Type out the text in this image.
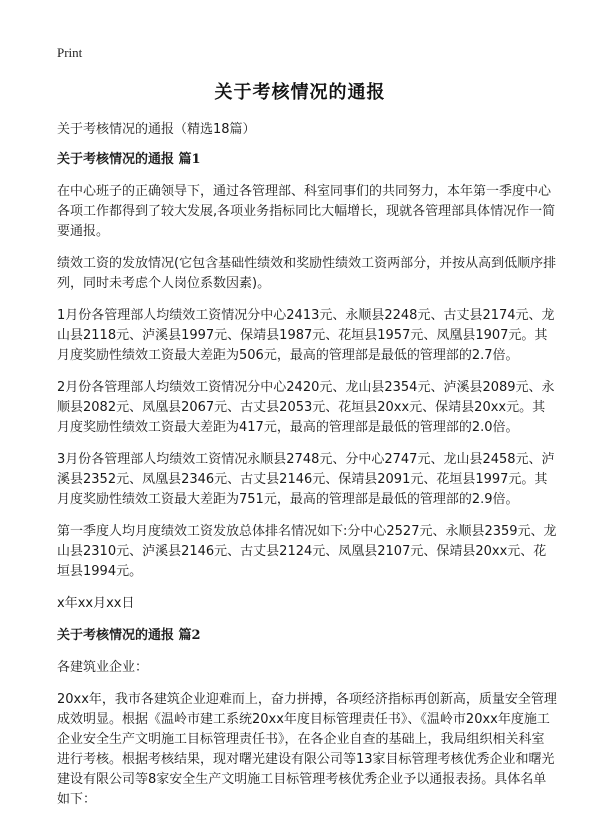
Print
关于考核情况的通报

关于考核情况的通报（精选18篇）

关于考核情况的通报 篇1

在中心班子的正确领导下，通过各管理部、科室同事们的共同努力，本年第一季度中心各项工作都得到了较大发展,各项业务指标同比大幅增长，现就各管理部具体情况作一简要通报。

绩效工资的发放情况(它包含基础性绩效和奖励性绩效工资两部分，并按从高到低顺序排列，同时未考虑个人岗位系数因素)。

1月份各管理部人均绩效工资情况分中心2413元、永顺县2248元、古丈县2174元、龙山县2118元、泸溪县1997元、保靖县1987元、花垣县1957元、凤凰县1907元。其月度奖励性绩效工资最大差距为506元，最高的管理部是最低的管理部的2.7倍。

2月份各管理部人均绩效工资情况分中心2420元、龙山县2354元、泸溪县2089元、永顺县2082元、凤凰县2067元、古丈县2053元、花垣县20xx元、保靖县20xx元。其月度奖励性绩效工资最大差距为417元，最高的管理部是最低的管理部的2.0倍。

3月份各管理部人均绩效工资情况永顺县2748元、分中心2747元、龙山县2458元、泸溪县2352元、凤凰县2346元、古丈县2146元、保靖县2091元、花垣县1997元。其月度奖励性绩效工资最大差距为751元，最高的管理部是最低的管理部的2.9倍。

第一季度人均月度绩效工资发放总体排名情况如下:分中心2527元、永顺县2359元、龙山县2310元、泸溪县2146元、古丈县2124元、凤凰县2107元、保靖县20xx元、花垣县1994元。

x年xx月xx日

关于考核情况的通报 篇2

各建筑业企业：

20xx年，我市各建筑企业迎难而上，奋力拼搏，各项经济指标再创新高，质量安全管理成效明显。根据《温岭市建工系统20xx年度目标管理责任书》、《温岭市20xx年度施工企业安全生产文明施工目标管理责任书》，在各企业自查的基础上，我局组织相关科室进行考核。根据考核结果，现对曙光建设有限公司等13家目标管理考核优秀企业和曙光建设有限公司等8家安全生产文明施工目标管理考核优秀企业予以通报表扬。具体名单如下：
